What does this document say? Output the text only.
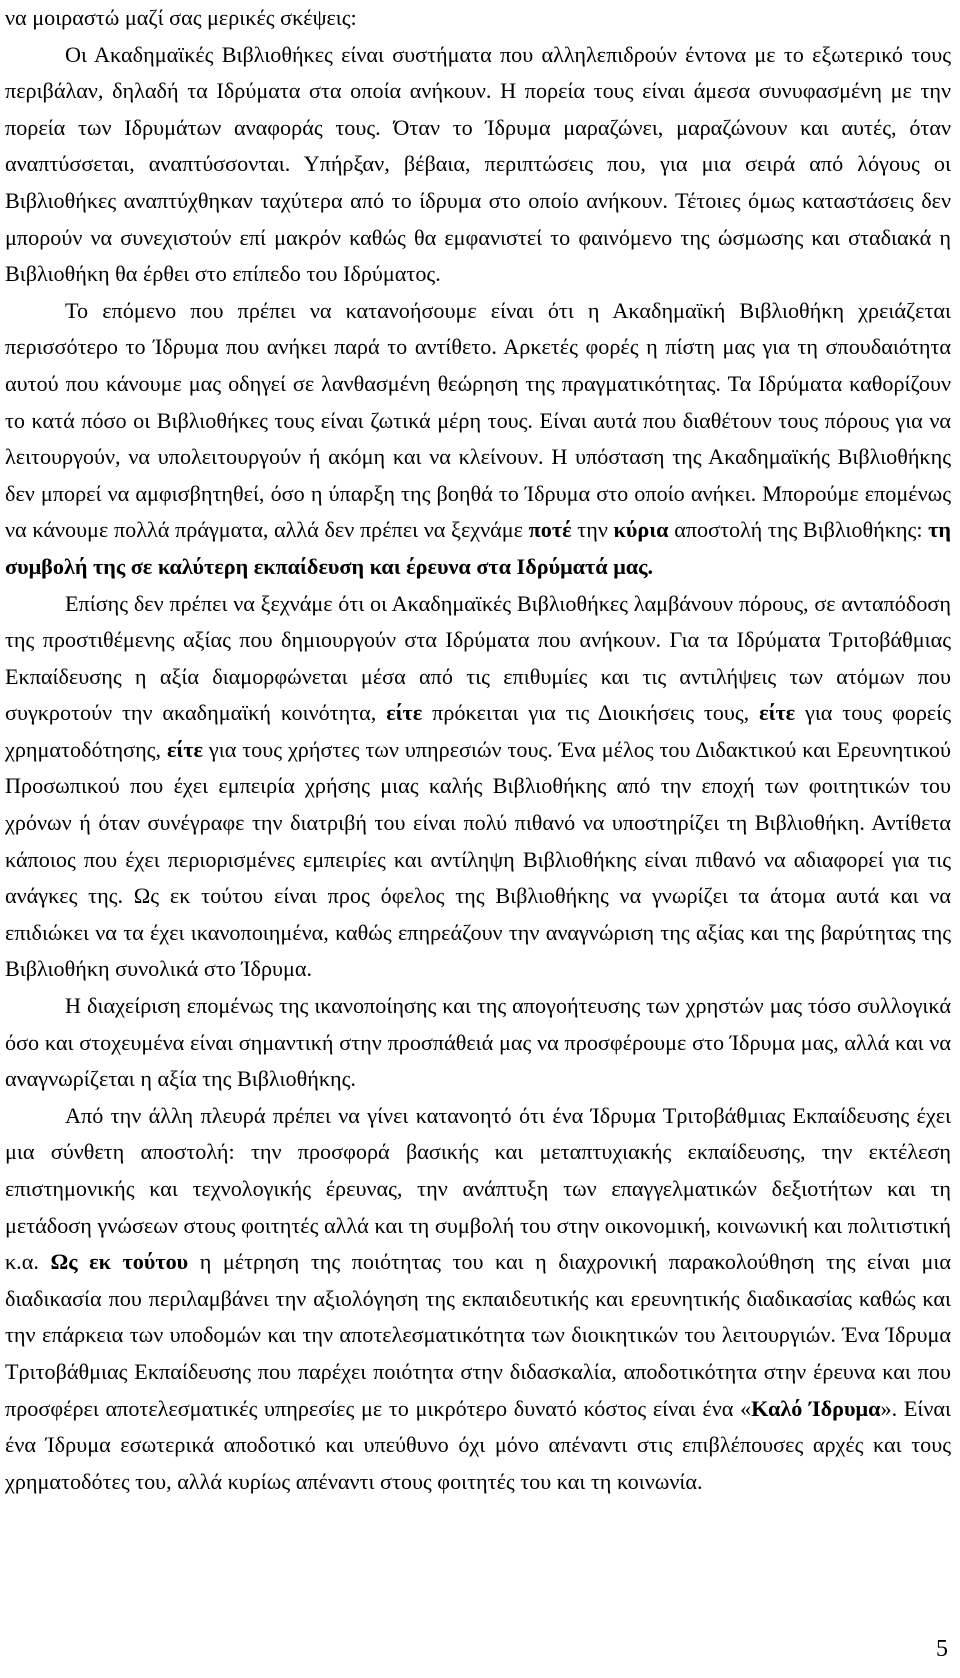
να μοιραστώ μαζί σας μερικές σκέψεις:

Οι Ακαδημαϊκές Βιβλιοθήκες είναι συστήματα που αλληλεπιδρούν έντονα με το εξωτερικό τους περιβάλαν, δηλαδή τα Ιδρύματα στα οποία ανήκουν. Η πορεία τους είναι άμεσα συνυφασμένη με την πορεία των Ιδρυμάτων αναφοράς τους. Όταν το Ίδρυμα μαραζώνει, μαραζώνουν και αυτές, όταν αναπτύσσεται, αναπτύσσονται. Υπήρξαν, βέβαια, περιπτώσεις που, για μια σειρά από λόγους οι Βιβλιοθήκες αναπτύχθηκαν ταχύτερα από το ίδρυμα στο οποίο ανήκουν. Τέτοιες όμως καταστάσεις δεν μπορούν να συνεχιστούν επί μακρόν καθώς θα εμφανιστεί το φαινόμενο της ώσμωσης και σταδιακά η Βιβλιοθήκη θα έρθει στο επίπεδο του Ιδρύματος.

Το επόμενο που πρέπει να κατανοήσουμε είναι ότι η Ακαδημαϊκή Βιβλιοθήκη χρειάζεται περισσότερο το Ίδρυμα που ανήκει παρά το αντίθετο. Αρκετές φορές η πίστη μας για τη σπουδαιότητα αυτού που κάνουμε μας οδηγεί σε λανθασμένη θεώρηση της πραγματικότητας. Τα Ιδρύματα καθορίζουν το κατά πόσο οι Βιβλιοθήκες τους είναι ζωτικά μέρη τους. Είναι αυτά που διαθέτουν τους πόρους για να λειτουργούν, να υπολειτουργούν ή ακόμη και να κλείνουν. Η υπόσταση της Ακαδημαϊκής Βιβλιοθήκης δεν μπορεί να αμφισβητηθεί, όσο η ύπαρξη της βοηθά το Ίδρυμα στο οποίο ανήκει. Μπορούμε επομένως να κάνουμε πολλά πράγματα, αλλά δεν πρέπει να ξεχνάμε ποτέ την κύρια αποστολή της Βιβλιοθήκης: τη συμβολή της σε καλύτερη εκπαίδευση και έρευνα στα Ιδρύματά μας.

Επίσης δεν πρέπει να ξεχνάμε ότι οι Ακαδημαϊκές Βιβλιοθήκες λαμβάνουν πόρους, σε ανταπόδοση της προστιθέμενης αξίας που δημιουργούν στα Ιδρύματα που ανήκουν. Για τα Ιδρύματα Τριτοβάθμιας Εκπαίδευσης η αξία διαμορφώνεται μέσα από τις επιθυμίες και τις αντιλήψεις των ατόμων που συγκροτούν την ακαδημαϊκή κοινότητα, είτε πρόκειται για τις Διοικήσεις τους, είτε για τους φορείς χρηματοδότησης, είτε για τους χρήστες των υπηρεσιών τους. Ένα μέλος του Διδακτικού και Ερευνητικού Προσωπικού που έχει εμπειρία χρήσης μιας καλής Βιβλιοθήκης από την εποχή των φοιτητικών του χρόνων ή όταν συνέγραφε την διατριβή του είναι πολύ πιθανό να υποστηρίζει τη Βιβλιοθήκη. Αντίθετα κάποιος που έχει περιορισμένες εμπειρίες και αντίληψη Βιβλιοθήκης είναι πιθανό να αδιαφορεί για τις ανάγκες της. Ως εκ τούτου είναι προς όφελος της Βιβλιοθήκης να γνωρίζει τα άτομα αυτά και να επιδιώκει να τα έχει ικανοποιημένα, καθώς επηρεάζουν την αναγνώριση της αξίας και της βαρύτητας της Βιβλιοθήκη συνολικά στο Ίδρυμα.

Η διαχείριση επομένως της ικανοποίησης και της απογοήτευσης των χρηστών μας τόσο συλλογικά όσο και στοχευμένα είναι σημαντική στην προσπάθειά μας να προσφέρουμε στο Ίδρυμα μας, αλλά και να αναγνωρίζεται η αξία της Βιβλιοθήκης.

Από την άλλη πλευρά πρέπει να γίνει κατανοητό ότι ένα Ίδρυμα Τριτοβάθμιας Εκπαίδευσης έχει μια σύνθετη αποστολή: την προσφορά βασικής και μεταπτυχιακής εκπαίδευσης, την εκτέλεση επιστημονικής και τεχνολογικής έρευνας, την ανάπτυξη των επαγγελματικών δεξιοτήτων και τη μετάδοση γνώσεων στους φοιτητές αλλά και τη συμβολή του στην οικονομική, κοινωνική και πολιτιστική κ.α. Ως εκ τούτου η μέτρηση της ποιότητας του και η διαχρονική παρακολούθηση της είναι μια διαδικασία που περιλαμβάνει την αξιολόγηση της εκπαιδευτικής και ερευνητικής διαδικασίας καθώς και την επάρκεια των υποδομών και την αποτελεσματικότητα των διοικητικών του λειτουργιών. Ένα Ίδρυμα Τριτοβάθμιας Εκπαίδευσης που παρέχει ποιότητα στην διδασκαλία, αποδοτικότητα στην έρευνα και που προσφέρει αποτελεσματικές υπηρεσίες με το μικρότερο δυνατό κόστος είναι ένα «Καλό Ίδρυμα». Είναι ένα Ίδρυμα εσωτερικά αποδοτικό και υπεύθυνο όχι μόνο απέναντι στις επιβλέπουσες αρχές και τους χρηματοδότες του, αλλά κυρίως απέναντι στους φοιτητές του και τη κοινωνία.

5
